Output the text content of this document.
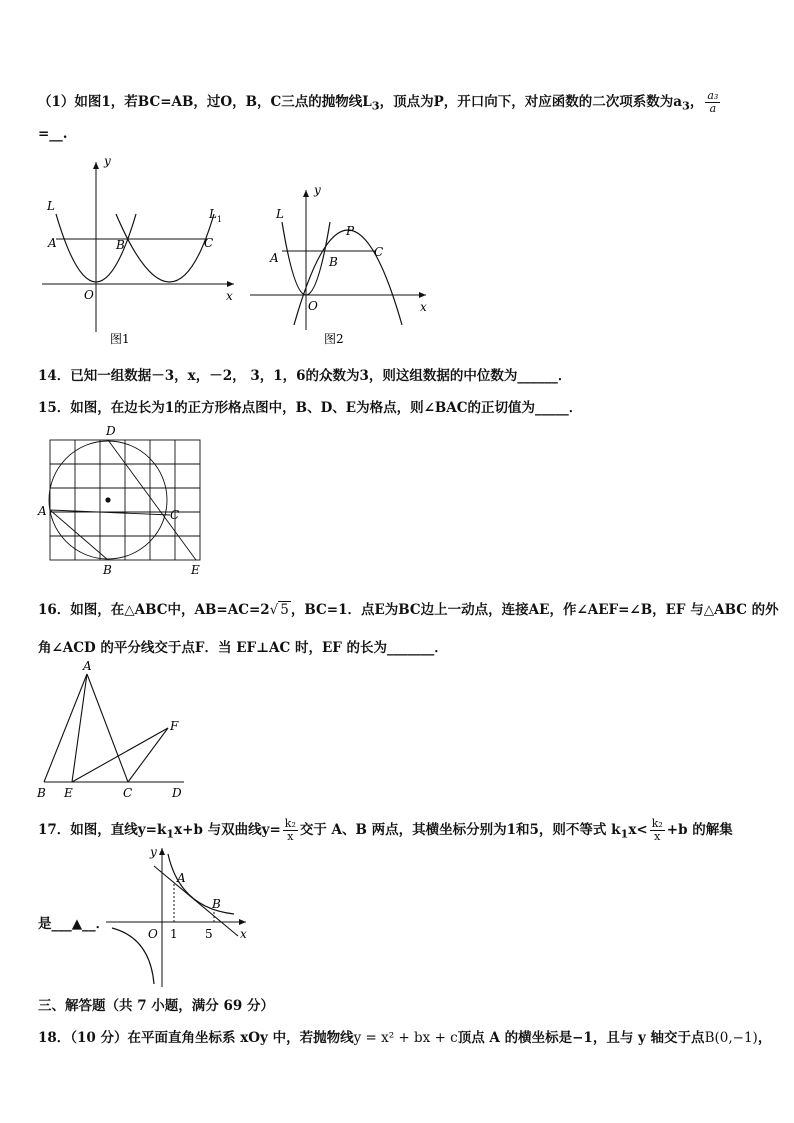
（1）如图1，若BC=AB，过O，B，C三点的抛物线$L_3$，顶点为P，开口向下，对应函数的二次项系数为$a_3$， $\frac{\text{a₃}}{a}$
=__.
y
x
L
L 1
A	B	C
O
图1
y
x
L
A	B
C
P
O
图2
14．已知一组数据－3，x，－2， 3，1，6的众数为3，则这组数据的中位数为______．
15．如图，在边长为1的正方形格点图中，B、D、E为格点，则∠BAC的正切值为_____．
D
A	C
B	E
16．如图，在△ABC中，AB=AC=2√ 5 ，BC=1．点E为BC边上一动点，连接AE，作∠AEF=∠B，EF 与△ABC 的外
角∠ACD 的平分线交于点F．当 EF⊥AC 时，EF 的长为_______．
A
F
B E	C	D
17．如图，直线$y=k_1x+b$ 与双曲线$y= \frac{\text{k₂}}{x}$ 交于 A、B 两点，其横坐标分别为1和5，则不等式 $k_1x< \frac{\text{k₂}}{x} +b$ 的解集
是___▲__．
y
x
A
B
O 1 5
三、解答题（共 7 小题，满分 69 分）
18．（10 分）在平面直角坐标系 xOy 中，若抛物线y = x² + bx + c顶点 A 的横坐标是−1，且与 y 轴交于点B(0,−1)，
